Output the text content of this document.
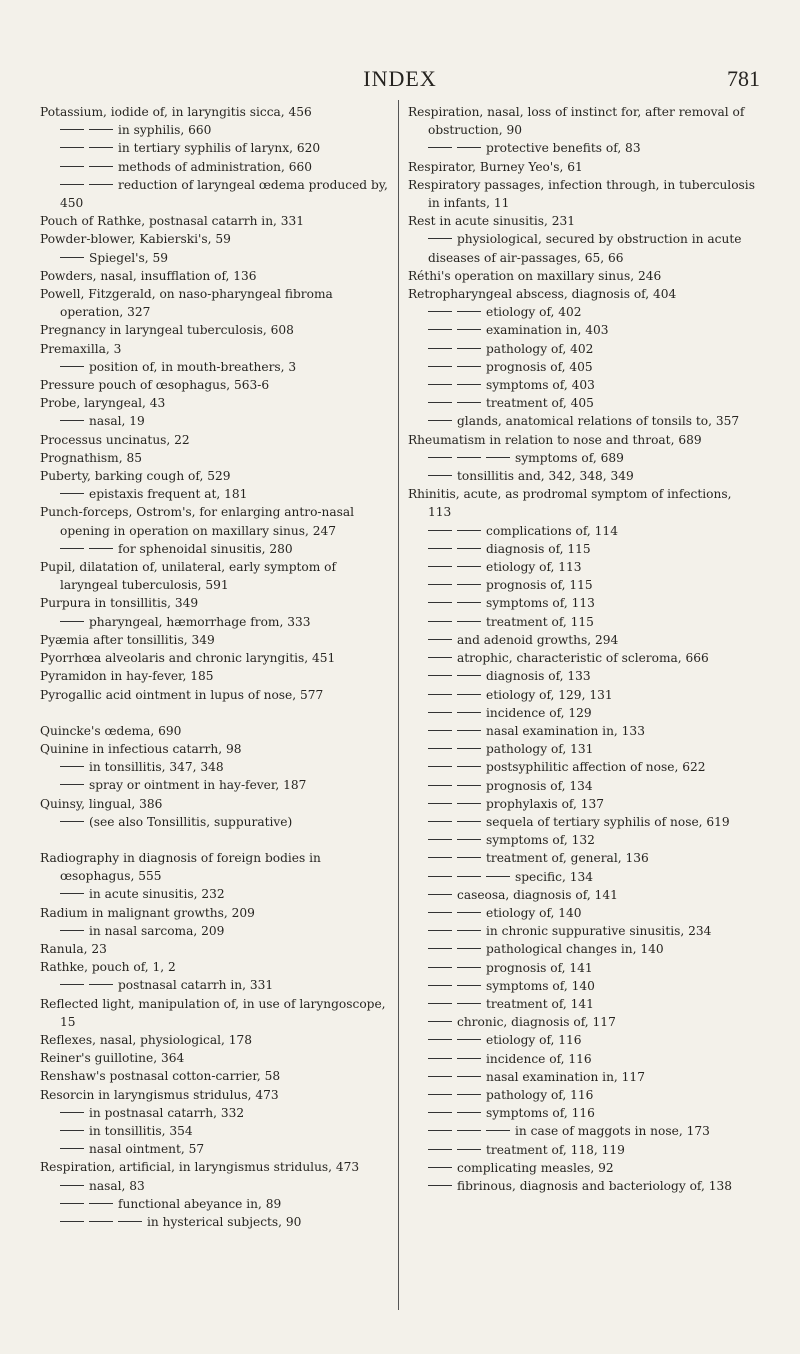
INDEX	781
Potassium, iodide of, in laryngitis sicca, 456
in syphilis, 660
in tertiary syphilis of larynx, 620
methods of administration, 660
reduction of laryngeal œdema produced by, 450
Pouch of Rathke, postnasal catarrh in, 331
Powder-blower, Kabierski's, 59
Spiegel's, 59
Powders, nasal, insufflation of, 136
Powell, Fitzgerald, on naso-pharyngeal fibroma operation, 327
Pregnancy in laryngeal tuberculosis, 608
Premaxilla, 3
position of, in mouth-breathers, 3
Pressure pouch of œsophagus, 563-6
Probe, laryngeal, 43
nasal, 19
Processus uncinatus, 22
Prognathism, 85
Puberty, barking cough of, 529
epistaxis frequent at, 181
Punch-forceps, Ostrom's, for enlarging antro-nasal opening in operation on maxillary sinus, 247
for sphenoidal sinusitis, 280
Pupil, dilatation of, unilateral, early symptom of laryngeal tuberculosis, 591
Purpura in tonsillitis, 349
pharyngeal, hæmorrhage from, 333
Pyæmia after tonsillitis, 349
Pyorrhœa alveolaris and chronic laryngitis, 451
Pyramidon in hay-fever, 185
Pyrogallic acid ointment in lupus of nose, 577
Quincke's œdema, 690
Quinine in infectious catarrh, 98
in tonsillitis, 347, 348
spray or ointment in hay-fever, 187
Quinsy, lingual, 386
(see also Tonsillitis, suppurative)
Radiography in diagnosis of foreign bodies in œsophagus, 555
in acute sinusitis, 232
Radium in malignant growths, 209
in nasal sarcoma, 209
Ranula, 23
Rathke, pouch of, 1, 2
postnasal catarrh in, 331
Reflected light, manipulation of, in use of laryngoscope, 15
Reflexes, nasal, physiological, 178
Reiner's guillotine, 364
Renshaw's postnasal cotton-carrier, 58
Resorcin in laryngismus stridulus, 473
in postnasal catarrh, 332
in tonsillitis, 354
nasal ointment, 57
Respiration, artificial, in laryngismus stridulus, 473
nasal, 83
functional abeyance in, 89
in hysterical subjects, 90
Respiration, nasal, loss of instinct for, after removal of obstruction, 90
protective benefits of, 83
Respirator, Burney Yeo's, 61
Respiratory passages, infection through, in tuberculosis in infants, 11
Rest in acute sinusitis, 231
physiological, secured by obstruction in acute diseases of air-passages, 65, 66
Réthi's operation on maxillary sinus, 246
Retropharyngeal abscess, diagnosis of, 404
etiology of, 402
examination in, 403
pathology of, 402
prognosis of, 405
symptoms of, 403
treatment of, 405
glands, anatomical relations of tonsils to, 357
Rheumatism in relation to nose and throat, 689
symptoms of, 689
tonsillitis and, 342, 348, 349
Rhinitis, acute, as prodromal symptom of infections, 113
complications of, 114
diagnosis of, 115
etiology of, 113
prognosis of, 115
symptoms of, 113
treatment of, 115
and adenoid growths, 294
atrophic, characteristic of scleroma, 666
diagnosis of, 133
etiology of, 129, 131
incidence of, 129
nasal examination in, 133
pathology of, 131
postsyphilitic affection of nose, 622
prognosis of, 134
prophylaxis of, 137
sequela of tertiary syphilis of nose, 619
symptoms of, 132
treatment of, general, 136
specific, 134
caseosa, diagnosis of, 141
etiology of, 140
in chronic suppurative sinusitis, 234
pathological changes in, 140
prognosis of, 141
symptoms of, 140
treatment of, 141
chronic, diagnosis of, 117
etiology of, 116
incidence of, 116
nasal examination in, 117
pathology of, 116
symptoms of, 116
in case of maggots in nose, 173
treatment of, 118, 119
complicating measles, 92
fibrinous, diagnosis and bacteriology of, 138
